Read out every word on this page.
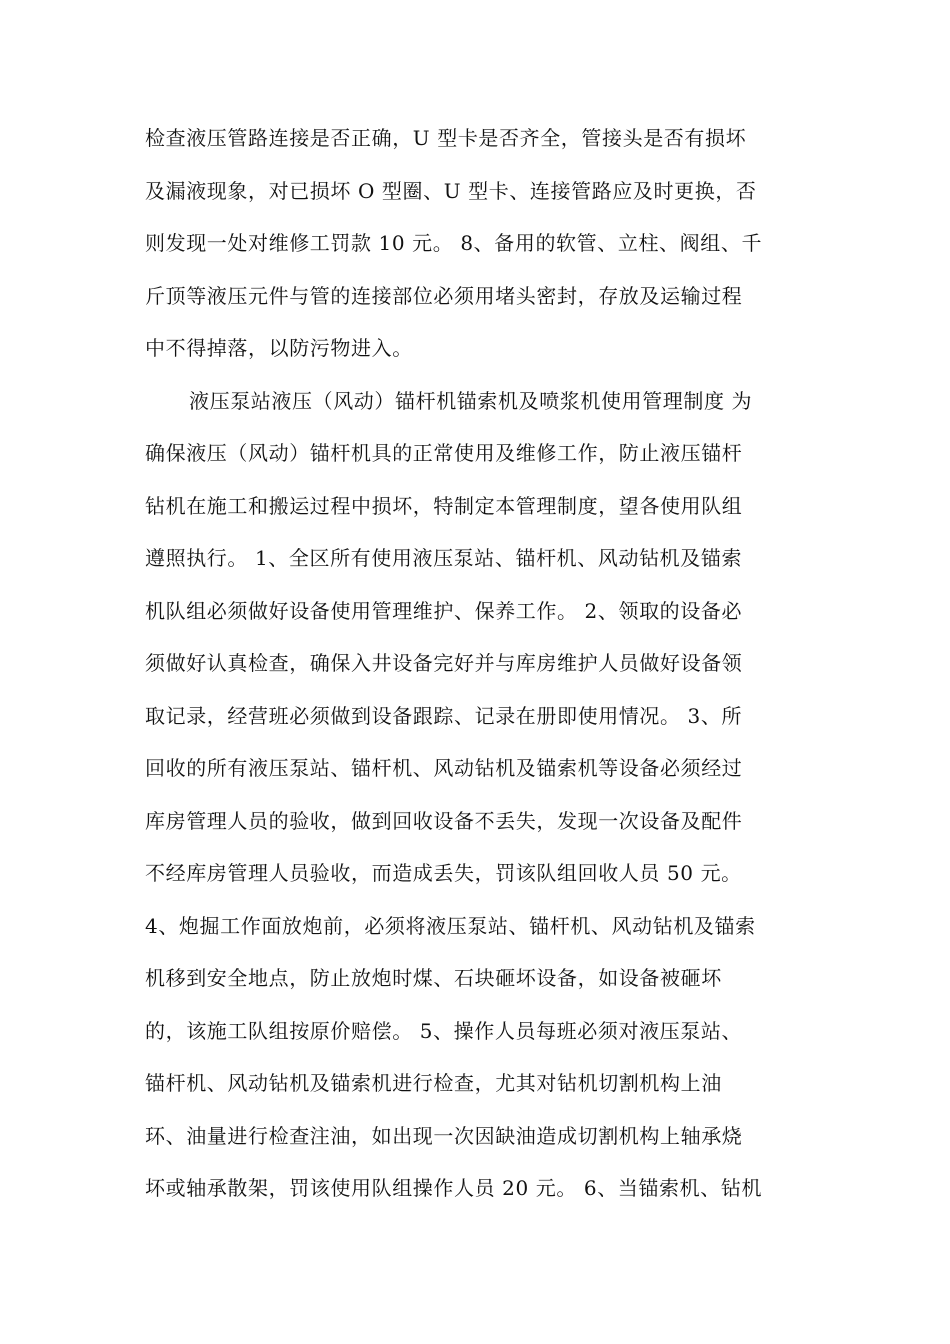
检查液压管路连接是否正确，U 型卡是否齐全，管接头是否有损坏
及漏液现象，对已损坏 O 型圈、U 型卡、连接管路应及时更换，否
则发现一处对维修工罚款 10 元。 8、备用的软管、立柱、阀组、千
斤顶等液压元件与管的连接部位必须用堵头密封，存放及运输过程
中不得掉落，以防污物进入。
液压泵站液压（风动）锚杆机锚索机及喷浆机使用管理制度 为
确保液压（风动）锚杆机具的正常使用及维修工作，防止液压锚杆
钻机在施工和搬运过程中损坏，特制定本管理制度，望各使用队组
遵照执行。 1、全区所有使用液压泵站、锚杆机、风动钻机及锚索
机队组必须做好设备使用管理维护、保养工作。 2、领取的设备必
须做好认真检查，确保入井设备完好并与库房维护人员做好设备领
取记录，经营班必须做到设备跟踪、记录在册即使用情况。 3、所
回收的所有液压泵站、锚杆机、风动钻机及锚索机等设备必须经过
库房管理人员的验收，做到回收设备不丢失，发现一次设备及配件
不经库房管理人员验收，而造成丢失，罚该队组回收人员 50 元。
4、炮掘工作面放炮前，必须将液压泵站、锚杆机、风动钻机及锚索
机移到安全地点，防止放炮时煤、石块砸坏设备，如设备被砸坏
的，该施工队组按原价赔偿。 5、操作人员每班必须对液压泵站、
锚杆机、风动钻机及锚索机进行检查，尤其对钻机切割机构上油
环、油量进行检查注油，如出现一次因缺油造成切割机构上轴承烧
坏或轴承散架，罚该使用队组操作人员 20 元。 6、当锚索机、钻机
